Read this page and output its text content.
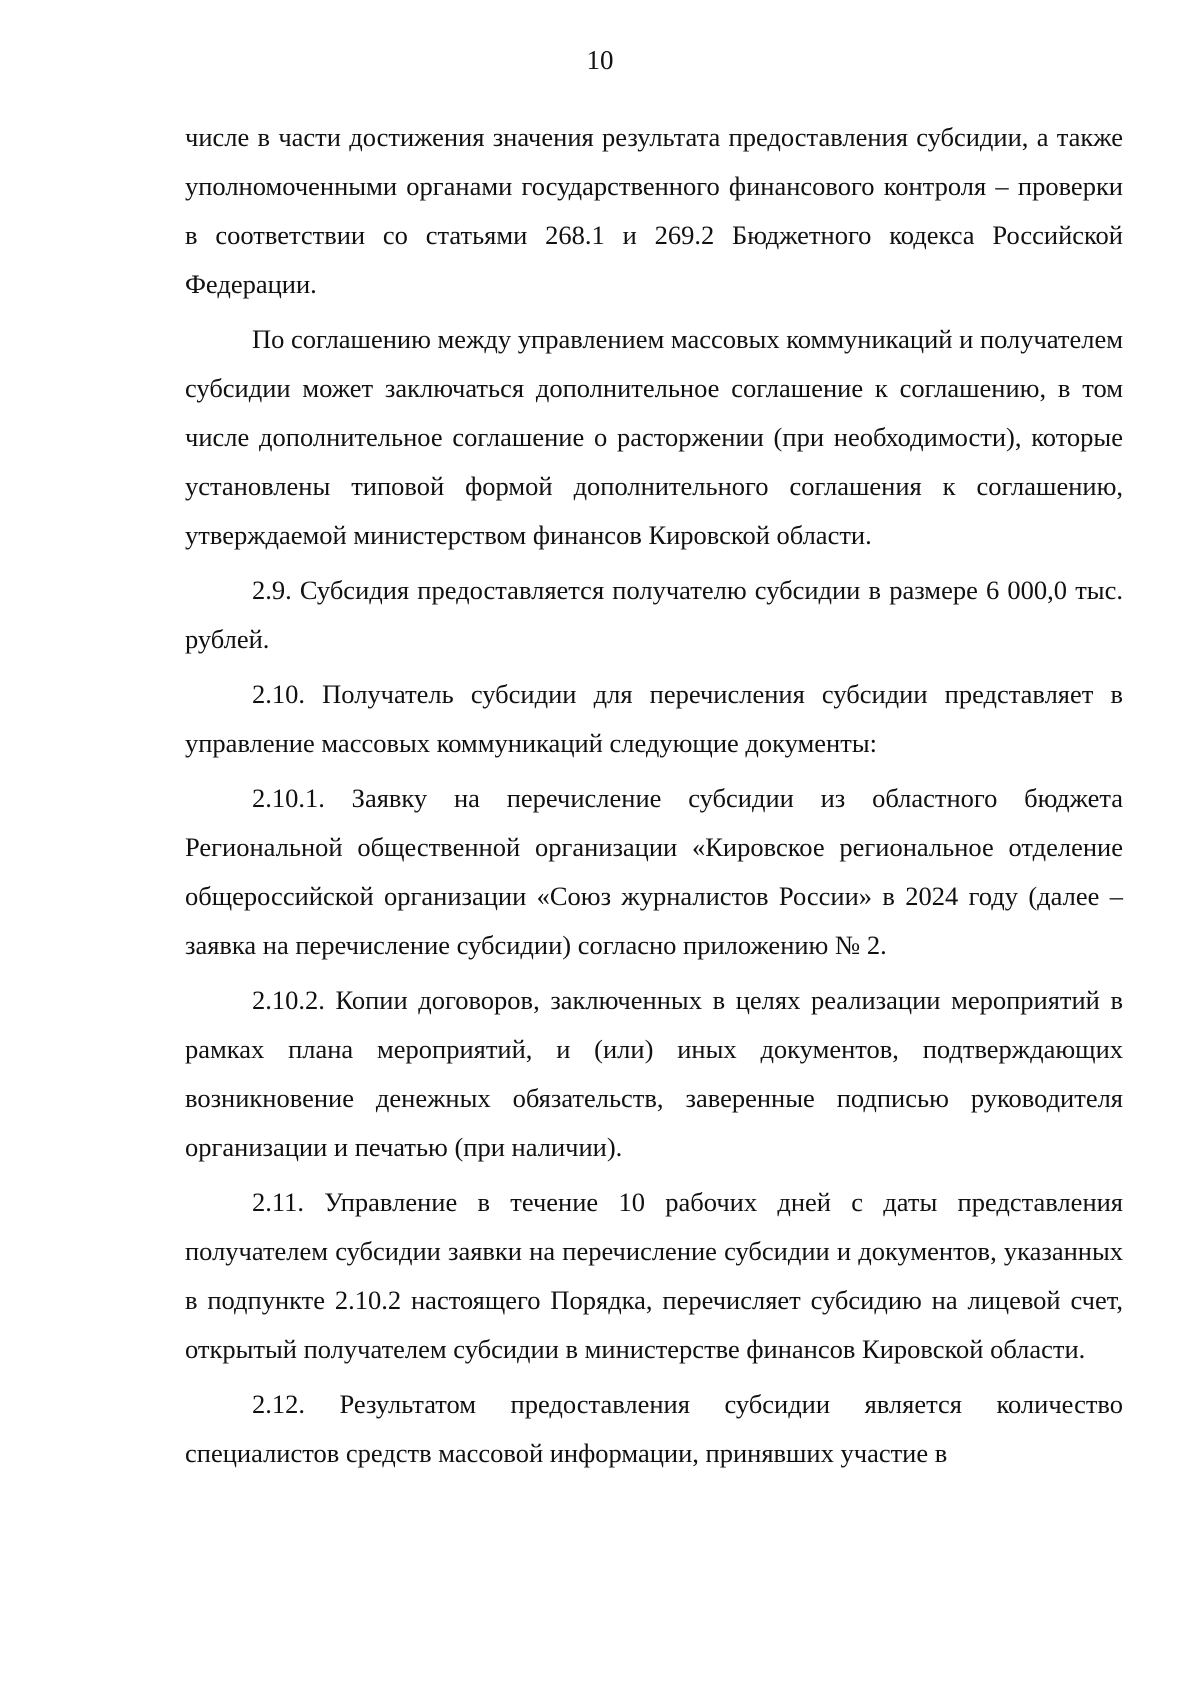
10

числе в части достижения значения результата предоставления субсидии, а также уполномоченными органами государственного финансового контроля – проверки в соответствии со статьями 268.1 и 269.2 Бюджетного кодекса Российской Федерации.

По соглашению между управлением массовых коммуникаций и получателем субсидии может заключаться дополнительное соглашение к соглашению, в том числе дополнительное соглашение о расторжении (при необходимости), которые установлены типовой формой дополнительного соглашения к соглашению, утверждаемой министерством финансов Кировской области.

2.9. Субсидия предоставляется получателю субсидии в размере 6 000,0 тыс. рублей.

2.10. Получатель субсидии для перечисления субсидии представляет в управление массовых коммуникаций следующие документы:

2.10.1. Заявку на перечисление субсидии из областного бюджета Региональной общественной организации «Кировское региональное отделение общероссийской организации «Союз журналистов России» в 2024 году (далее – заявка на перечисление субсидии) согласно приложению № 2.

2.10.2. Копии договоров, заключенных в целях реализации мероприятий в рамках плана мероприятий, и (или) иных документов, подтверждающих возникновение денежных обязательств, заверенные подписью руководителя организации и печатью (при наличии).

2.11. Управление в течение 10 рабочих дней с даты представления получателем субсидии заявки на перечисление субсидии и документов, указанных в подпункте 2.10.2 настоящего Порядка, перечисляет субсидию на лицевой счет, открытый получателем субсидии в министерстве финансов Кировской области.

2.12. Результатом предоставления субсидии является количество специалистов средств массовой информации, принявших участие в
